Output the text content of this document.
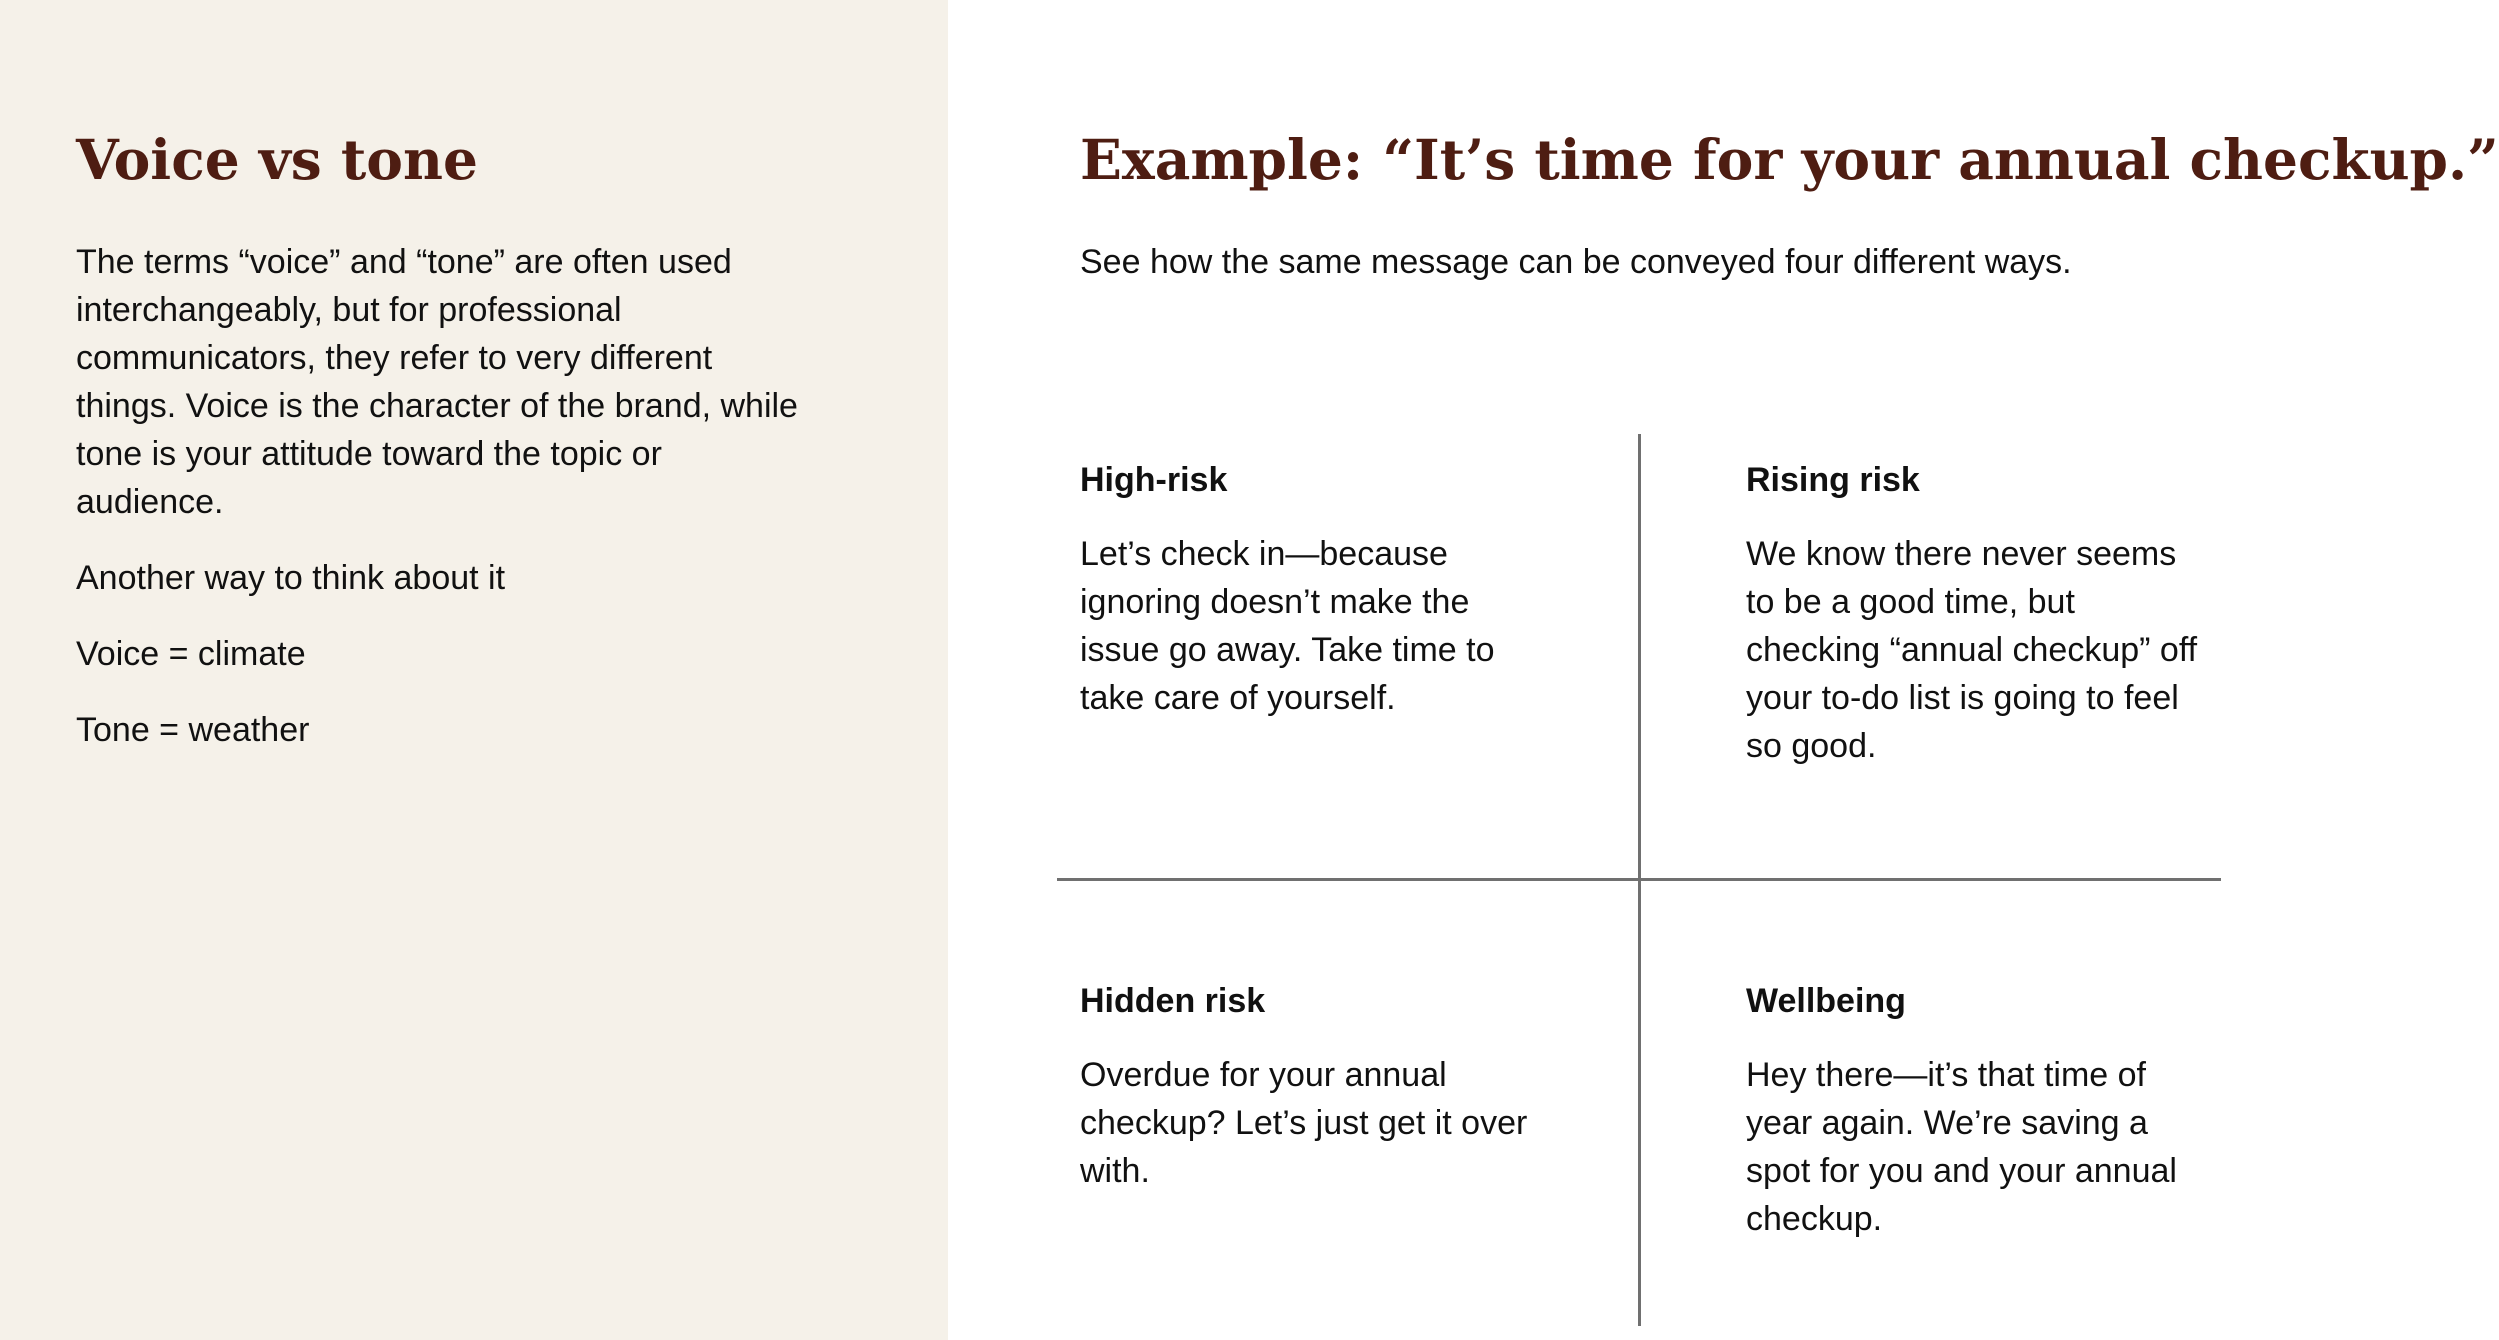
Voice vs tone

The terms “voice” and “tone” are often used interchangeably, but for professional communicators, they refer to very different things. Voice is the character of the brand, while tone is your attitude toward the topic or audience.

Another way to think about it

Voice = climate

Tone = weather

Example: “It’s time for your annual checkup.”

See how the same message can be conveyed four different ways.

High-risk

Let’s check in—because ignoring doesn’t make the issue go away. Take time to take care of yourself.

Rising risk

We know there never seems to be a good time, but checking “annual checkup” off your to-do list is going to feel so good.

Hidden risk

Overdue for your annual checkup? Let’s just get it over with.

Wellbeing

Hey there—it’s that time of year again. We’re saving a spot for you and your annual checkup.
